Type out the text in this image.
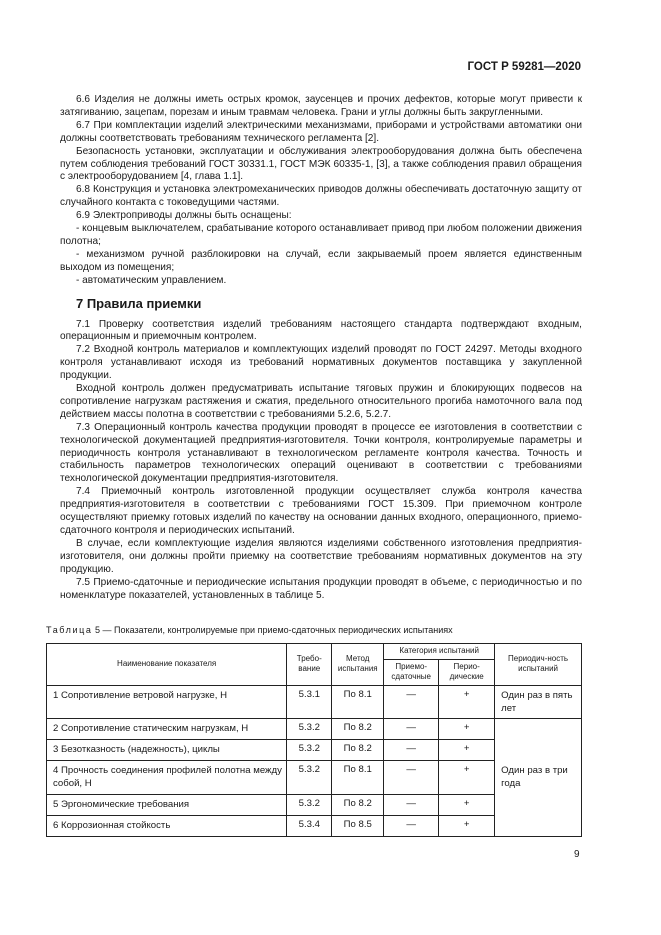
ГОСТ Р 59281—2020

6.6 Изделия не должны иметь острых кромок, заусенцев и прочих дефектов, которые могут привести к затягиванию, зацепам, порезам и иным травмам человека. Грани и углы должны быть закругленными.

6.7 При комплектации изделий электрическими механизмами, приборами и устройствами автоматики они должны соответствовать требованиям технического регламента [2].

Безопасность установки, эксплуатации и обслуживания электрооборудования должна быть обеспечена путем соблюдения требований ГОСТ 30331.1, ГОСТ МЭК 60335-1, [3], а также соблюдения правил обращения с электрооборудованием [4, глава 1.1].

6.8 Конструкция и установка электромеханических приводов должны обеспечивать достаточную защиту от случайного контакта с токоведущими частями.

6.9 Электроприводы должны быть оснащены:

- концевым выключателем, срабатывание которого останавливает привод при любом положении движения полотна;

- механизмом ручной разблокировки на случай, если закрываемый проем является единственным выходом из помещения;

- автоматическим управлением.

7 Правила приемки

7.1 Проверку соответствия изделий требованиям настоящего стандарта подтверждают входным, операционным и приемочным контролем.

7.2 Входной контроль материалов и комплектующих изделий проводят по ГОСТ 24297. Методы входного контроля устанавливают исходя из требований нормативных документов поставщика у закупленной продукции.

Входной контроль должен предусматривать испытание тяговых пружин и блокирующих подвесов на сопротивление нагрузкам растяжения и сжатия, предельного относительного прогиба намоточного вала под действием массы полотна в соответствии с требованиями 5.2.6, 5.2.7.

7.3 Операционный контроль качества продукции проводят в процессе ее изготовления в соответствии с технологической документацией предприятия-изготовителя. Точки контроля, контролируемые параметры и периодичность контроля устанавливают в технологическом регламенте контроля качества. Точность и стабильность параметров технологических операций оценивают в соответствии с требованиями технологической документации предприятия-изготовителя.

7.4 Приемочный контроль изготовленной продукции осуществляет служба контроля качества предприятия-изготовителя в соответствии с требованиями ГОСТ 15.309. При приемочном контроле осуществляют приемку готовых изделий по качеству на основании данных входного, операционного, приемо-сдаточного контроля и периодических испытаний.

В случае, если комплектующие изделия являются изделиями собственного изготовления предприятия-изготовителя, они должны пройти приемку на соответствие требованиям нормативных документов на эту продукцию.

7.5 Приемо-сдаточные и периодические испытания продукции проводят в объеме, с периодичностью и по номенклатуре показателей, установленных в таблице 5.

Таблица 5 — Показатели, контролируемые при приемо-сдаточных периодических испытаниях
Наименование показателя	Требо-вание	Метод испытания	Категория испытаний		Периодич-ность испытаний
			Приемо-сдаточные	Перио-дические	
1 Сопротивление ветровой нагрузке, Н	5.3.1	По 8.1	—	+	Один раз в пять лет
2 Сопротивление статическим нагрузкам, Н	5.3.2	По 8.2	—	+	Один раз в три года
3 Безотказность (надежность), циклы	5.3.2	По 8.2	—	+	
4 Прочность соединения профилей полотна между собой, Н	5.3.2	По 8.1	—	+	
5 Эргономические требования	5.3.2	По 8.2	—	+	
6 Коррозионная стойкость	5.3.4	По 8.5	—	+	
9
